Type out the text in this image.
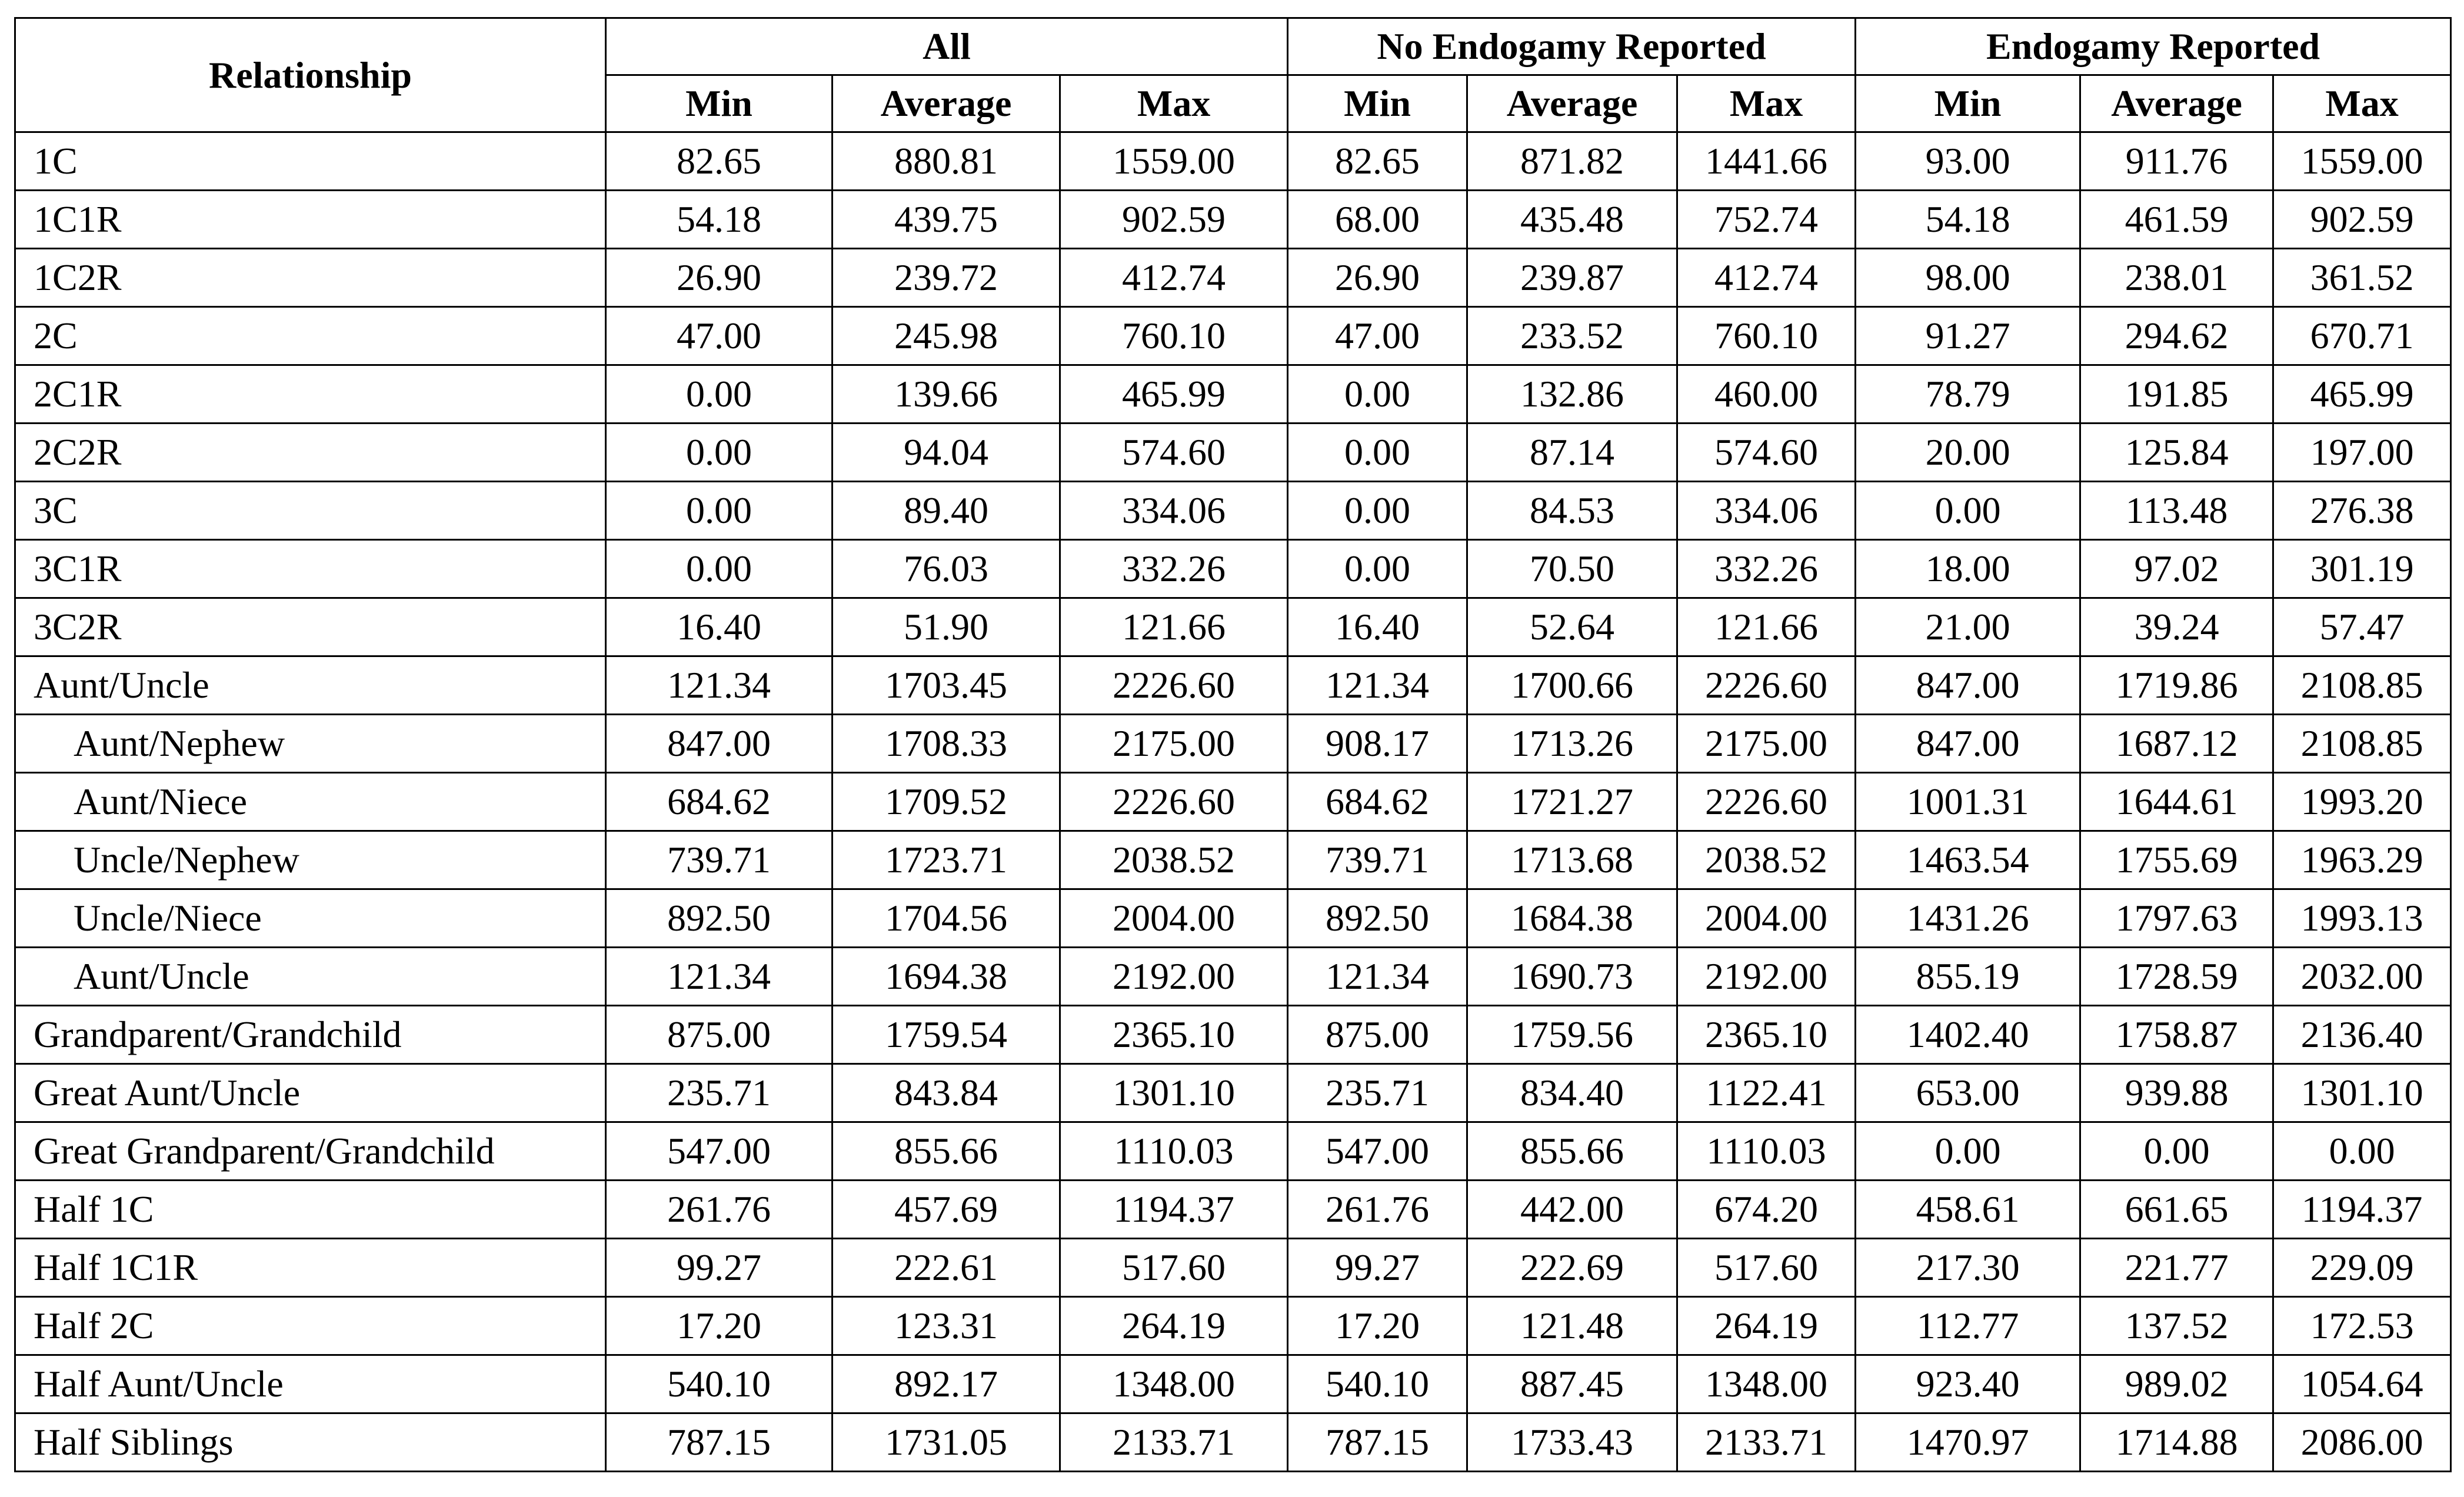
Relationship	All			No Endogamy Reported			Endogamy Reported		
	Min	Average	Max	Min	Average	Max	Min	Average	Max
1C	82.65	880.81	1559.00	82.65	871.82	1441.66	93.00	911.76	1559.00
1C1R	54.18	439.75	902.59	68.00	435.48	752.74	54.18	461.59	902.59
1C2R	26.90	239.72	412.74	26.90	239.87	412.74	98.00	238.01	361.52
2C	47.00	245.98	760.10	47.00	233.52	760.10	91.27	294.62	670.71
2C1R	0.00	139.66	465.99	0.00	132.86	460.00	78.79	191.85	465.99
2C2R	0.00	94.04	574.60	0.00	87.14	574.60	20.00	125.84	197.00
3C	0.00	89.40	334.06	0.00	84.53	334.06	0.00	113.48	276.38
3C1R	0.00	76.03	332.26	0.00	70.50	332.26	18.00	97.02	301.19
3C2R	16.40	51.90	121.66	16.40	52.64	121.66	21.00	39.24	57.47
Aunt/Uncle	121.34	1703.45	2226.60	121.34	1700.66	2226.60	847.00	1719.86	2108.85
Aunt/Nephew	847.00	1708.33	2175.00	908.17	1713.26	2175.00	847.00	1687.12	2108.85
Aunt/Niece	684.62	1709.52	2226.60	684.62	1721.27	2226.60	1001.31	1644.61	1993.20
Uncle/Nephew	739.71	1723.71	2038.52	739.71	1713.68	2038.52	1463.54	1755.69	1963.29
Uncle/Niece	892.50	1704.56	2004.00	892.50	1684.38	2004.00	1431.26	1797.63	1993.13
Aunt/Uncle	121.34	1694.38	2192.00	121.34	1690.73	2192.00	855.19	1728.59	2032.00
Grandparent/Grandchild	875.00	1759.54	2365.10	875.00	1759.56	2365.10	1402.40	1758.87	2136.40
Great Aunt/Uncle	235.71	843.84	1301.10	235.71	834.40	1122.41	653.00	939.88	1301.10
Great Grandparent/Grandchild	547.00	855.66	1110.03	547.00	855.66	1110.03	0.00	0.00	0.00
Half 1C	261.76	457.69	1194.37	261.76	442.00	674.20	458.61	661.65	1194.37
Half 1C1R	99.27	222.61	517.60	99.27	222.69	517.60	217.30	221.77	229.09
Half 2C	17.20	123.31	264.19	17.20	121.48	264.19	112.77	137.52	172.53
Half Aunt/Uncle	540.10	892.17	1348.00	540.10	887.45	1348.00	923.40	989.02	1054.64
Half Siblings	787.15	1731.05	2133.71	787.15	1733.43	2133.71	1470.97	1714.88	2086.00
